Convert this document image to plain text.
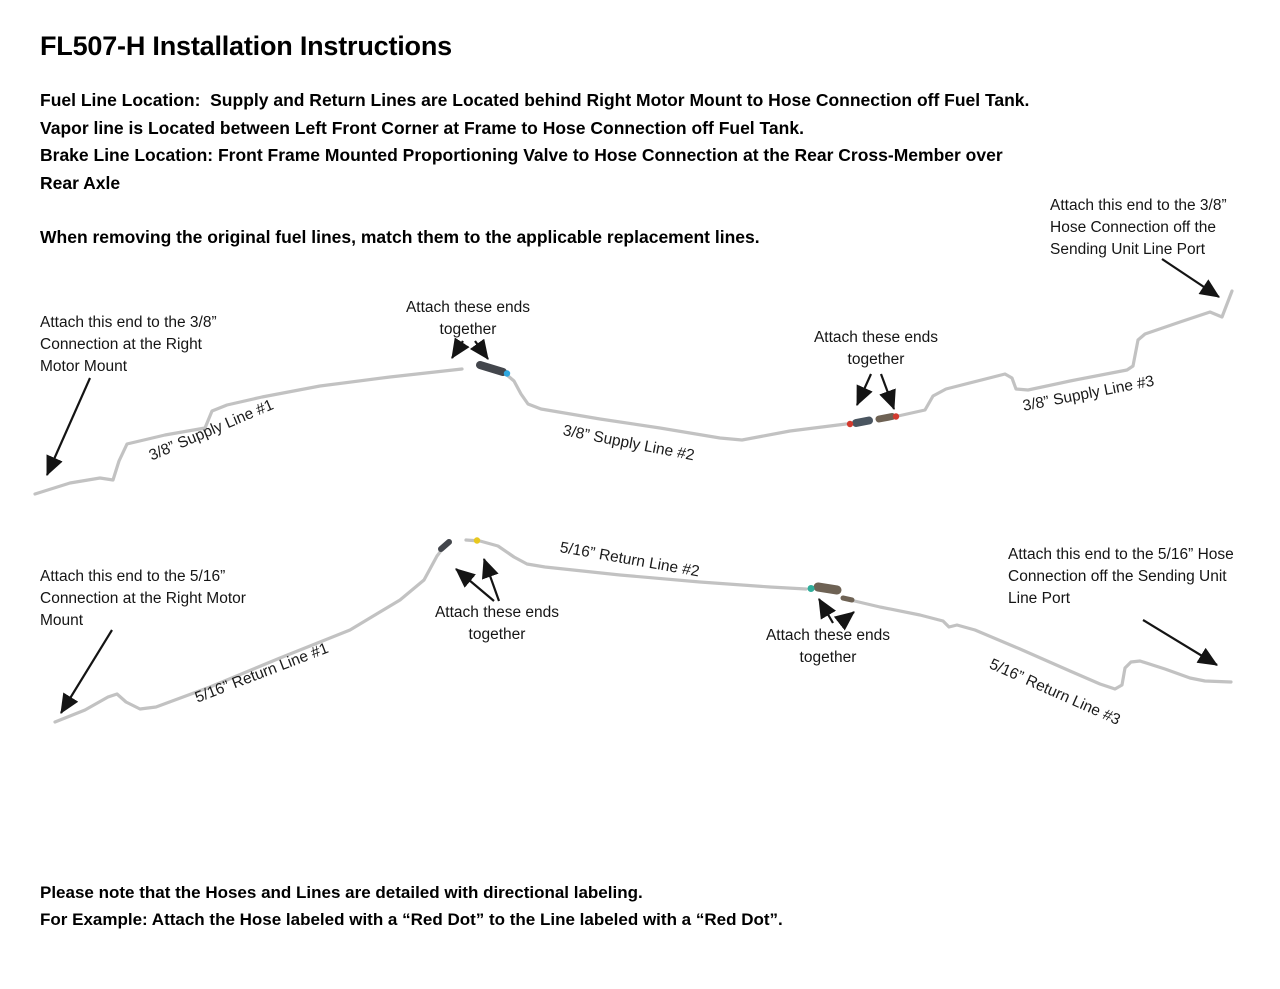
FL507-H Installation Instructions
Fuel Line Location:  Supply and Return Lines are Located behind Right Motor Mount to Hose Connection off Fuel Tank.
Vapor line is Located between Left Front Corner at Frame to Hose Connection off Fuel Tank.
Brake Line Location: Front Frame Mounted Proportioning Valve to Hose Connection at the Rear Cross-Member over
Rear Axle
When removing the original fuel lines, match them to the applicable replacement lines.
Attach this end to the 3/8” Hose Connection off the Sending Unit Line Port
Attach this end to the 3/8” Connection at the Right Motor Mount
Attach these ends together	Attach these ends together
Attach this end to the 5/16” Connection at the Right Motor Mount	Attach these ends together	Attach these ends together
Attach this end to the 5/16” Hose Connection off the Sending Unit Line Port
3/8” Supply Line #1	3/8” Supply Line #2
3/8” Supply Line #3
5/16” Return Line #1
5/16” Return Line #2
5/16” Return Line #3
Please note that the Hoses and Lines are detailed with directional labeling.
For Example: Attach the Hose labeled with a “Red Dot” to the Line labeled with a “Red Dot”.
